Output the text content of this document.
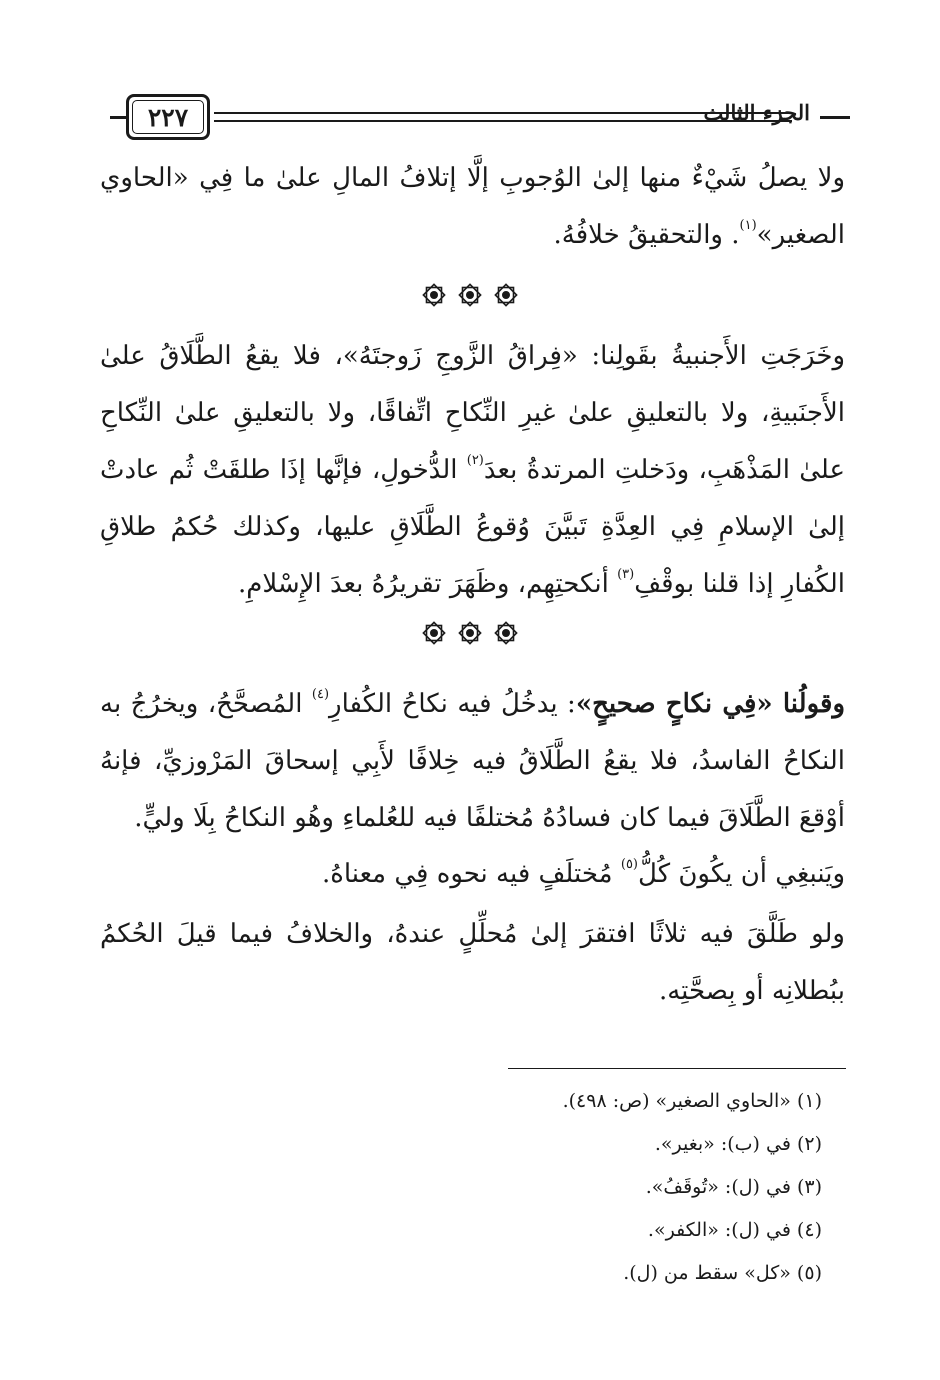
٢٢٧	الجزء الثالث

ولا يصلُ شَيْءٌ منها إلىٰ الوُجوبِ إلَّا إتلافُ المالِ علىٰ ما فِي «الحاوي الصغير»$^{(١)}$. والتحقيقُ خلافُهُ.

وخَرَجَتِ الأَجنبيةُ بقَولِنا: «فِراقُ الزَّوجِ زَوجتَهُ»، فلا يقعُ الطَّلَاقُ علىٰ الأَجنَبيةِ، ولا بالتعليقِ علىٰ غيرِ النِّكاحِ اتِّفاقًا، ولا بالتعليقِ علىٰ النِّكاحِ علىٰ المَذْهَبِ، ودَخلتِ المرتدةُ بعدَ$^{(٢)}$ الدُّخولِ، فإنَّها إذَا طلقَتْ ثُم عادتْ إلىٰ الإسلامِ فِي العِدَّةِ تَبيَّنَ وُقوعُ الطَّلَاقِ عليها، وكذلك حُكمُ طلاقِ الكُفارِ إذا قلنا بوقْفِ$^{(٣)}$ أنكحتِهِم، وظَهَرَ تقريرُهُ بعدَ الإِسْلامِ.

وقولُنا «فِي نكاحٍ صحيحٍ»: يدخُلُ فيه نكاحُ الكُفارِ$^{(٤)}$ المُصحَّحُ، ويخرُجُ به النكاحُ الفاسدُ، فلا يقعُ الطَّلَاقُ فيه خِلافًا لأَبِي إسحاقَ المَرْوزيِّ، فإنهُ أوْقعَ الطَّلَاقَ فيما كان فسادُهُ مُختلفًا فيه للعُلماءِ وهُو النكاحُ بِلَا وليٍّ.

ويَنبغِي أن يكُونَ كُلُّ$^{(٥)}$ مُختلَفٍ فيه نحوه فِي معناهُ.

ولو طَلَّقَ فيه ثلاثًا افتقرَ إلىٰ مُحلِّلٍ عندهُ، والخلافُ فيما قيلَ الحُكمُ ببُطلانِه أو بِصحَّتِه.

(١) «الحاوي الصغير» (ص: ٤٩٨).
(٢) في (ب): «بغير».
(٣) في (ل): «تُوقَفُ».
(٤) في (ل): «الكفر».
(٥) «كل» سقط من (ل).
